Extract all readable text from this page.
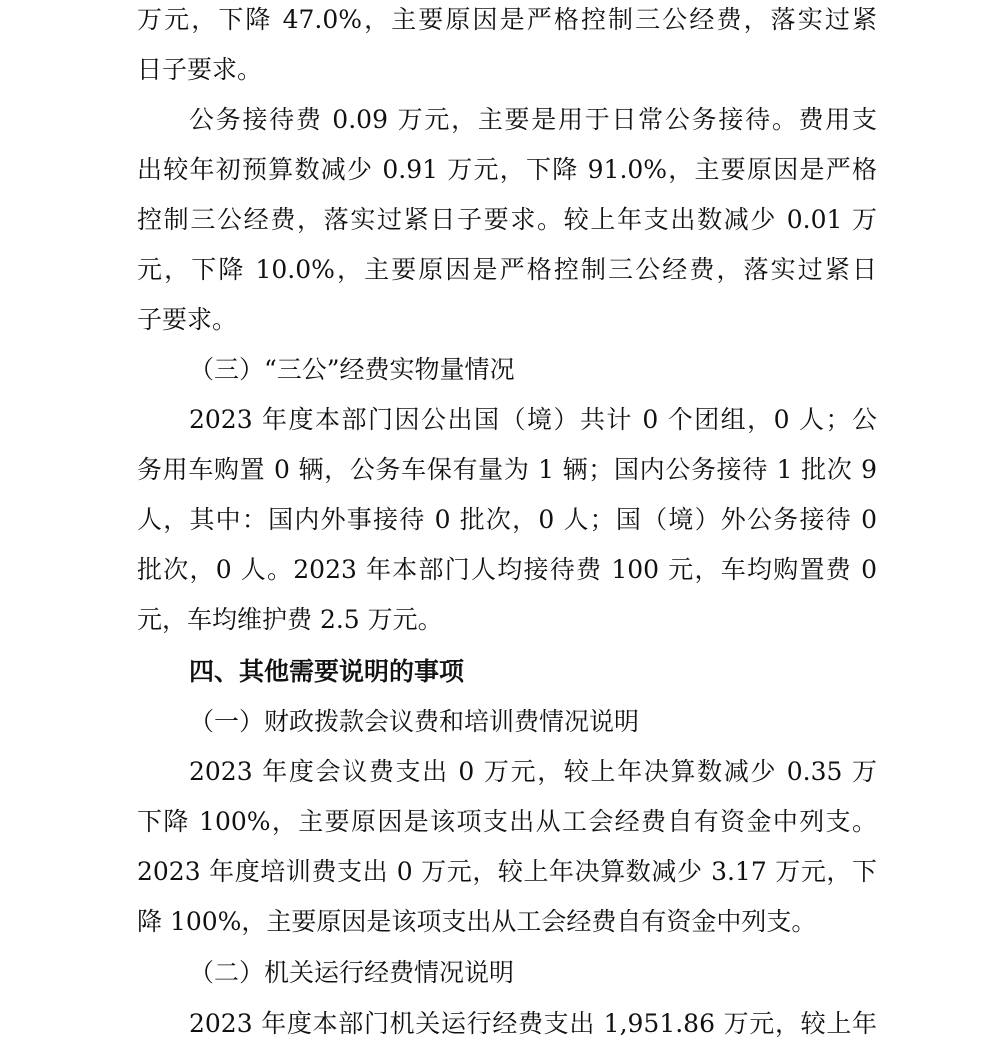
万元，下降 47.0%，主要原因是严格控制三公经费，落实过紧
日子要求。
公务接待费 0.09 万元，主要是用于日常公务接待。费用支
出较年初预算数减少 0.91 万元，下降 91.0%，主要原因是严格
控制三公经费，落实过紧日子要求。较上年支出数减少 0.01 万
元，下降 10.0%，主要原因是严格控制三公经费，落实过紧日
子要求。
（三）“三公”经费实物量情况
2023 年度本部门因公出国（境）共计 0 个团组，0 人；公
务用车购置 0 辆，公务车保有量为 1 辆；国内公务接待 1 批次 9
人，其中：国内外事接待 0 批次，0 人；国（境）外公务接待 0
批次，0 人。2023 年本部门人均接待费 100 元，车均购置费 0
元，车均维护费 2.5 万元。
四、其他需要说明的事项
（一）财政拨款会议费和培训费情况说明
2023 年度会议费支出 0 万元，较上年决算数减少 0.35 万
下降 100%，主要原因是该项支出从工会经费自有资金中列支。
2023 年度培训费支出 0 万元，较上年决算数减少 3.17 万元，下
降 100%，主要原因是该项支出从工会经费自有资金中列支。
（二）机关运行经费情况说明
2023 年度本部门机关运行经费支出 1,951.86 万元，较上年
